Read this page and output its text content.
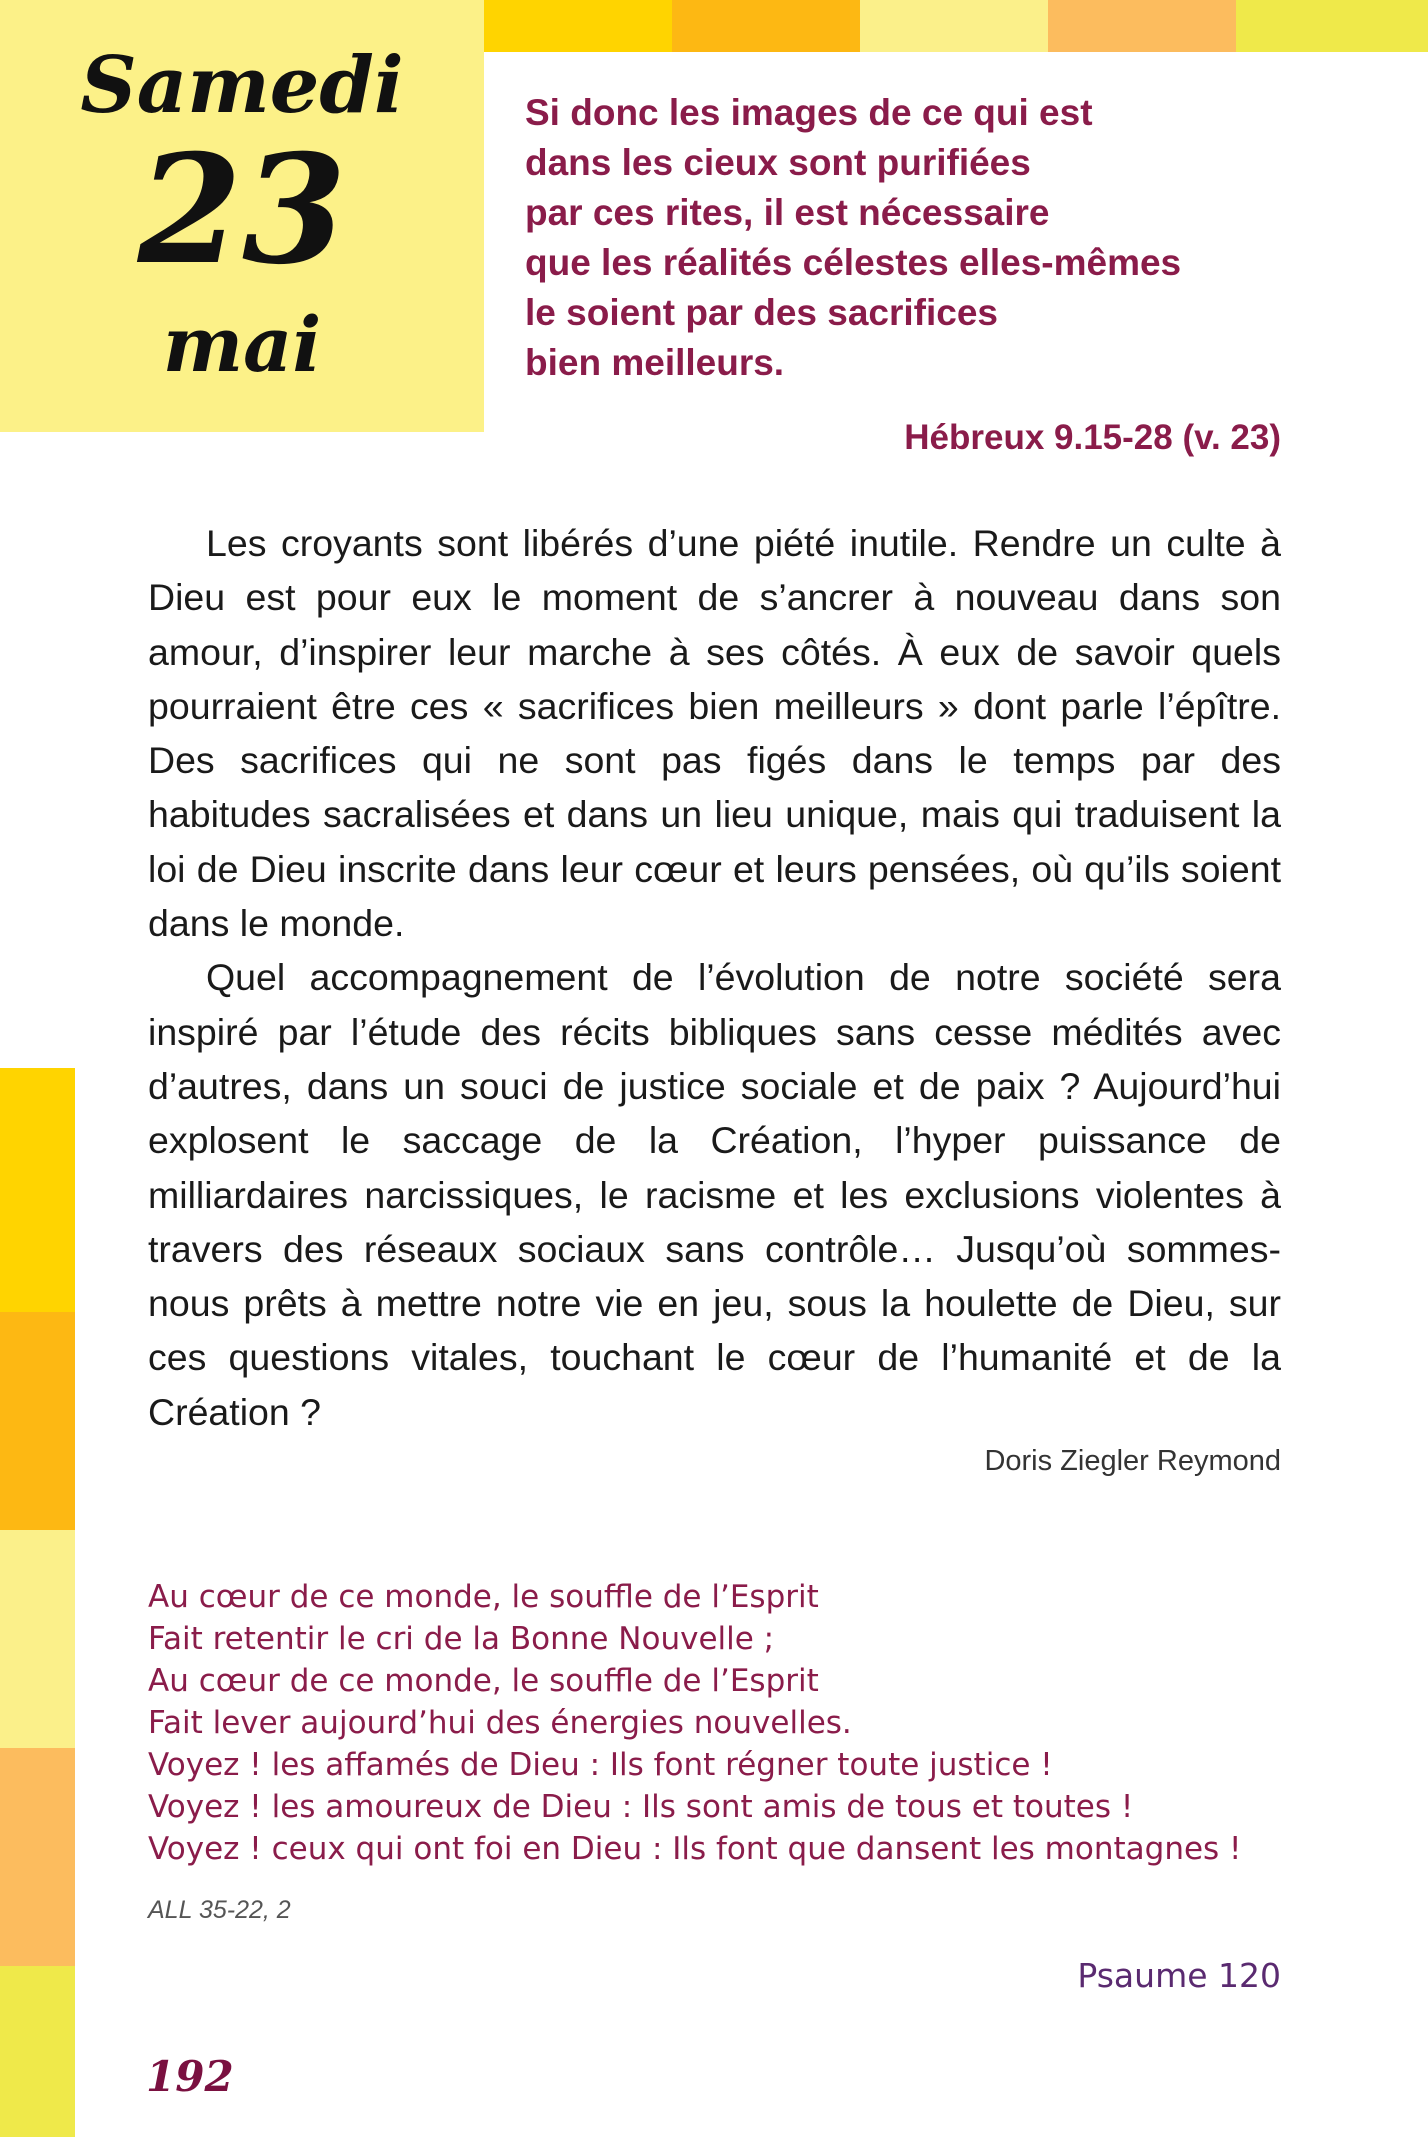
Samedi
23
mai
Si donc les images de ce qui est
dans les cieux sont purifiées
par ces rites, il est nécessaire
que les réalités célestes elles-mêmes
le soient par des sacrifices
bien meilleurs.
Hébreux 9.15-28 (v. 23)

Les croyants sont libérés d’une piété inutile. Rendre un culte à Dieu est pour eux le moment de s’ancrer à nouveau dans son amour, d’inspirer leur marche à ses côtés. À eux de savoir quels pourraient être ces « sacrifices bien meilleurs » dont parle l’épître. Des sacrifices qui ne sont pas figés dans le temps par des habitudes sacralisées et dans un lieu unique, mais qui traduisent la loi de Dieu inscrite dans leur cœur et leurs pensées, où qu’ils soient dans le monde.

Quel accompagnement de l’évolution de notre société sera inspiré par l’étude des récits bibliques sans cesse médités avec d’autres, dans un souci de justice sociale et de paix ? Aujourd’hui explosent le saccage de la Création, l’hyper puissance de milliardaires narcissiques, le racisme et les exclusions violentes à travers des réseaux sociaux sans contrôle… Jusqu’où sommes-nous prêts à mettre notre vie en jeu, sous la houlette de Dieu, sur ces questions vitales, touchant le cœur de l’humanité et de la Création ?

Doris Ziegler Reymond
Au cœur de ce monde, le souffle de l’Esprit
Fait retentir le cri de la Bonne Nouvelle ;
Au cœur de ce monde, le souffle de l’Esprit
Fait lever aujourd’hui des énergies nouvelles.
Voyez ! les affamés de Dieu : Ils font régner toute justice !
Voyez ! les amoureux de Dieu : Ils sont amis de tous et toutes !
Voyez ! ceux qui ont foi en Dieu : Ils font que dansent les montagnes !
ALL 35-22, 2
Psaume 120
192
